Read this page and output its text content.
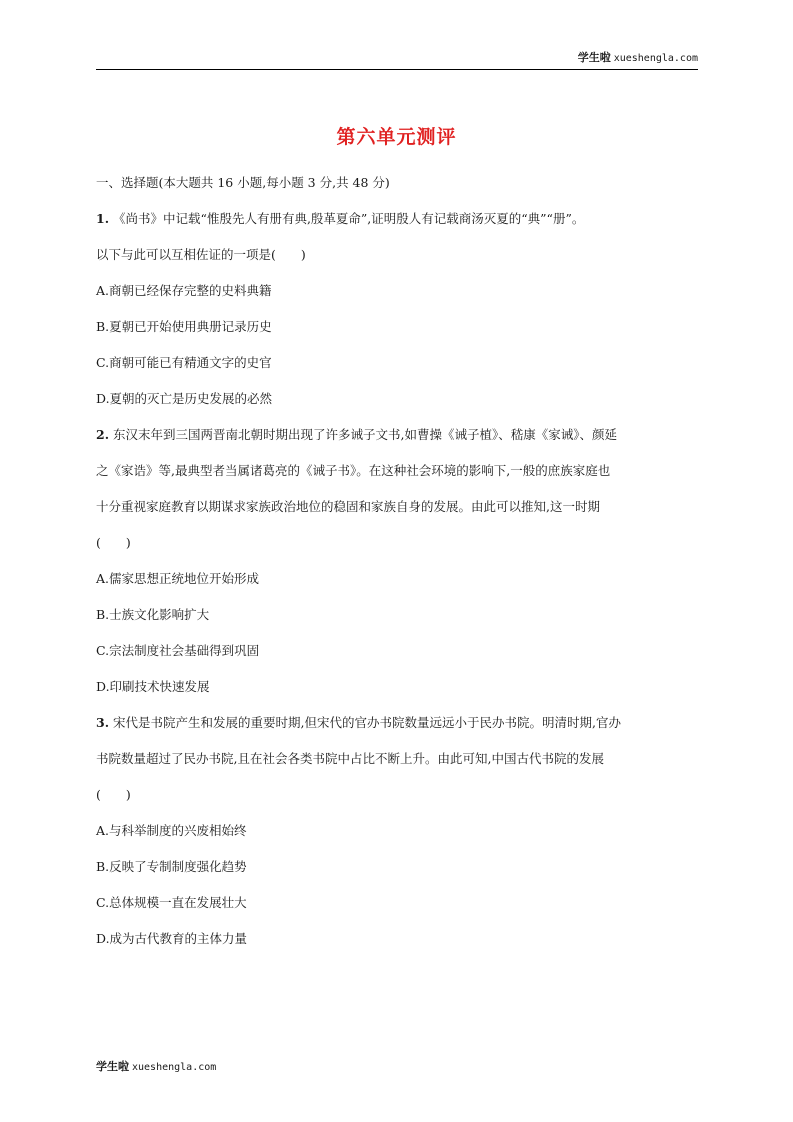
学生啦 xueshengla.com
第六单元测评
一、选择题(本大题共 16 小题,每小题 3 分,共 48 分)
1. 《尚书》中记载“惟殷先人有册有典,殷革夏命”,证明殷人有记载商汤灭夏的“典”“册”。
以下与此可以互相佐证的一项是(　　)
A.商朝已经保存完整的史料典籍
B.夏朝已开始使用典册记录历史
C.商朝可能已有精通文字的史官
D.夏朝的灭亡是历史发展的必然
2. 东汉末年到三国两晋南北朝时期出现了许多诫子文书,如曹操《诫子植》、嵇康《家诫》、颜延
之《家诰》等,最典型者当属诸葛亮的《诫子书》。在这种社会环境的影响下,一般的庶族家庭也
十分重视家庭教育以期谋求家族政治地位的稳固和家族自身的发展。由此可以推知,这一时期
(　　)
A.儒家思想正统地位开始形成
B.士族文化影响扩大
C.宗法制度社会基础得到巩固
D.印刷技术快速发展
3. 宋代是书院产生和发展的重要时期,但宋代的官办书院数量远远小于民办书院。明清时期,官办
书院数量超过了民办书院,且在社会各类书院中占比不断上升。由此可知,中国古代书院的发展
(　　)
A.与科举制度的兴废相始终
B.反映了专制制度强化趋势
C.总体规模一直在发展壮大
D.成为古代教育的主体力量
学生啦 xueshengla.com
